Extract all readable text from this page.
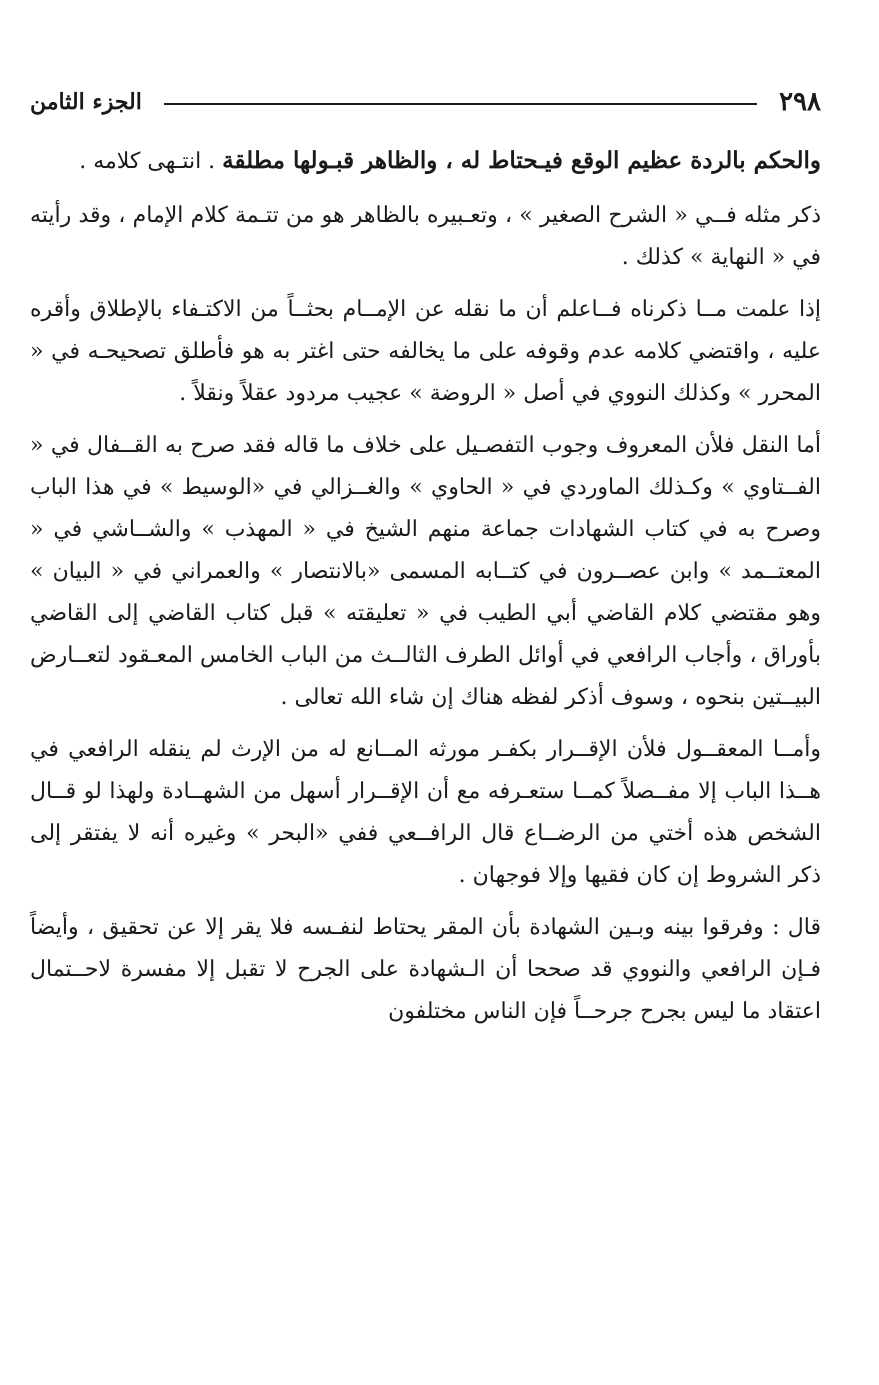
٢٩٨
الجزء الثامن

والحكم بالردة عظيم الوقع فيـحتاط له ، والظاهر قبـولها مطلقة . انتـهى كلامه .

ذكر مثله فــي « الشرح الصغير » ، وتعـبيره بالظاهر هو من تتـمة كلام الإمام ، وقد رأيته في « النهاية » كذلك .

إذا علمت مــا ذكرناه فــاعلم أن ما نقله عن الإمــام بحثــاً من الاكتـفاء بالإطلاق وأقره عليه ، واقتضي كلامه عدم وقوفه على ما يخالفه حتى اغتر به هو فأطلق تصحيحـه في « المحرر » وكذلك النووي في أصل « الروضة » عجيب مردود عقلاً ونقلاً .

أما النقل فلأن المعروف وجوب التفصـيل على خلاف ما قاله فقد صرح به القــفال في « الفــتاوي » وكـذلك الماوردي في « الحاوي » والغــزالي في «الوسيط » في هذا الباب وصرح به في كتاب الشهادات جماعة منهم الشيخ في « المهذب » والشــاشي في « المعتــمد » وابن عصــرون في كتــابه المسمى «بالانتصار » والعمراني في « البيان » وهو مقتضي كلام القاضي أبي الطيب في « تعليقته » قبل كتاب القاضي إلى القاضي بأوراق ، وأجاب الرافعي في أوائل الطرف الثالــث من الباب الخامس المعـقود لتعــارض البيــتين بنحوه ، وسوف أذكر لفظه هناك إن شاء الله تعالى .

وأمــا المعقــول فلأن الإقــرار بكفـر مورثه المــانع له من الإرث لم ينقله الرافعي في هــذا الباب إلا مفــصلاً كمــا ستعـرفه مع أن الإقــرار أسهل من الشهــادة ولهذا لو قــال الشخص هذه أختي من الرضــاع قال الرافــعي ففي «البحر » وغيره أنه لا يفتقر إلى ذكر الشروط إن كان فقيها وإلا فوجهان .

قال : وفرقوا بينه وبـين الشهادة بأن المقر يحتاط لنفـسه فلا يقر إلا عن تحقيق ، وأيضاً فـإن الرافعي والنووي قد صححا أن الـشهادة على الجرح لا تقبل إلا مفسرة لاحــتمال اعتقاد ما ليس بجرح جرحــاً فإن الناس مختلفون
